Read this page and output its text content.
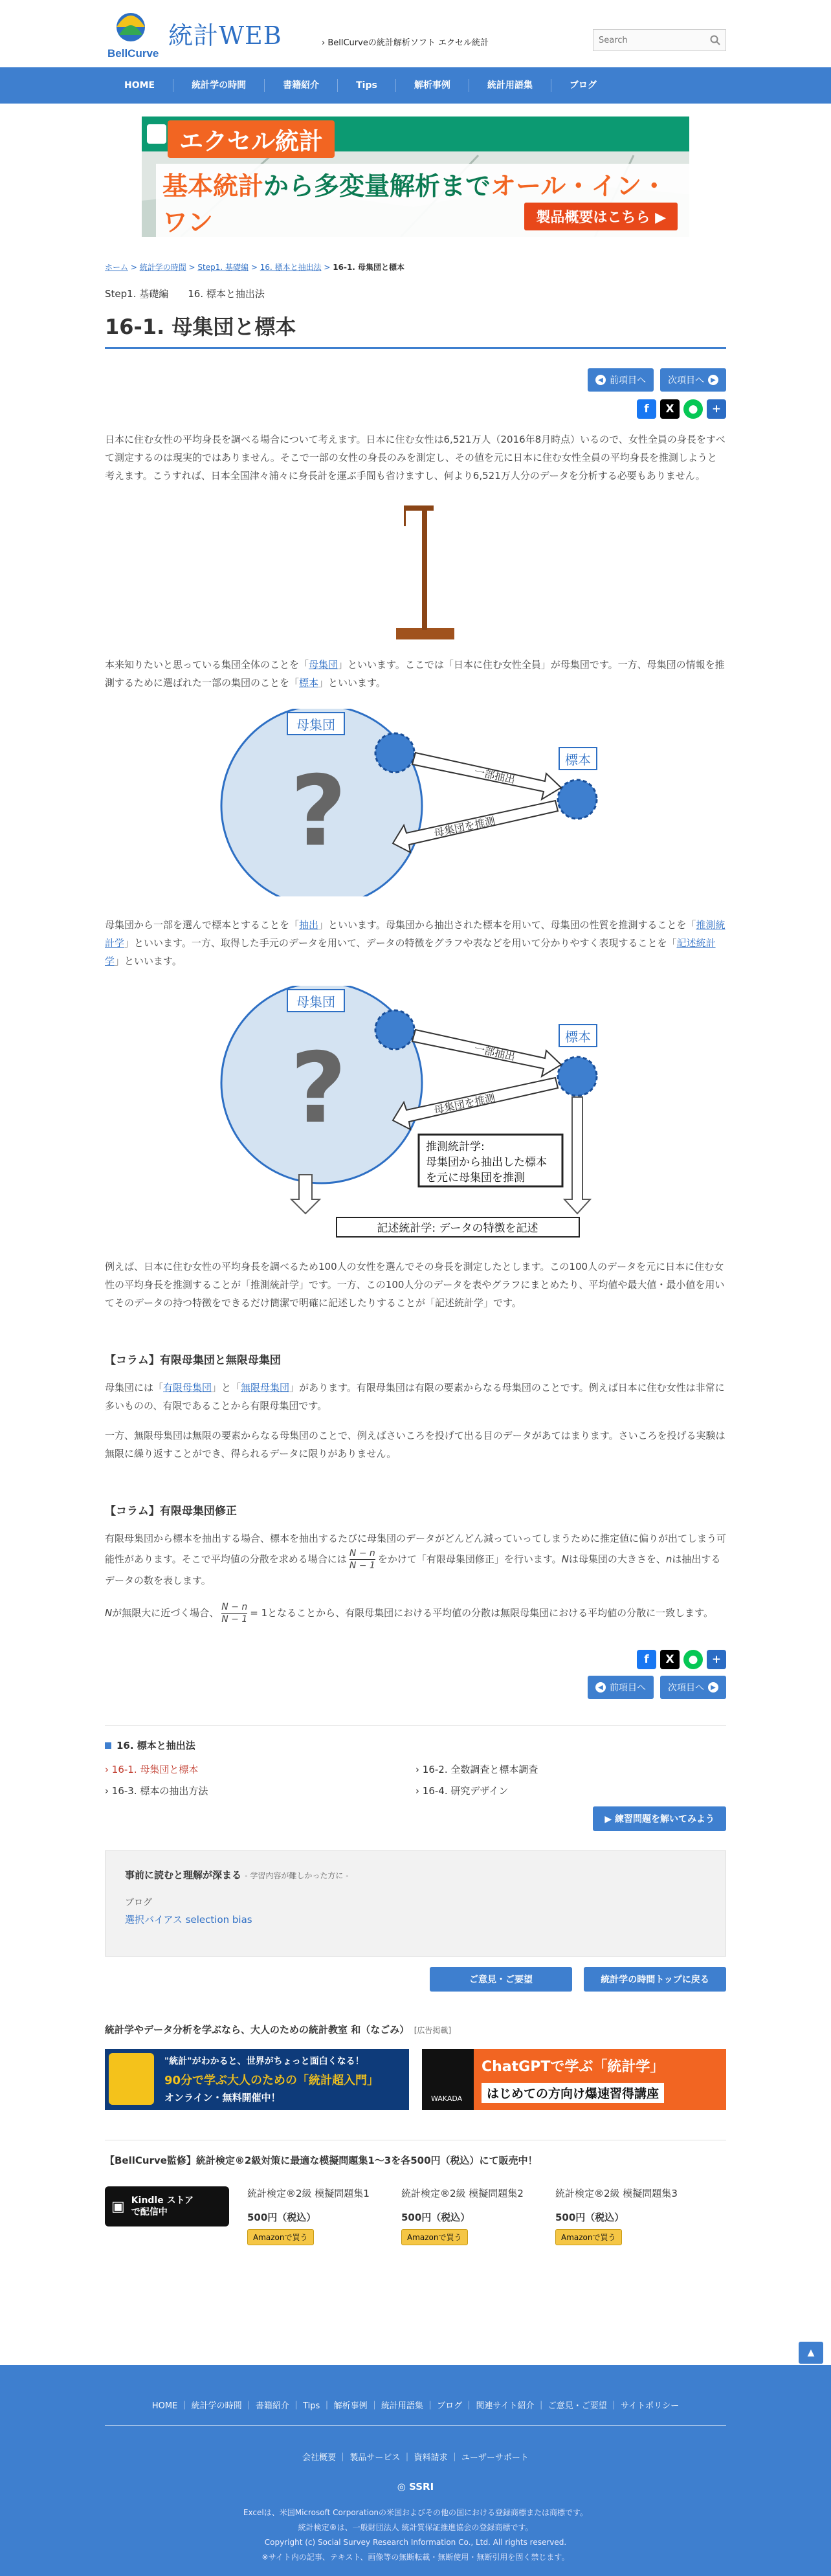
BellCurve
統計WEB	› BellCurveの統計解析ソフト エクセル統計
Search
HOME	統計学の時間	書籍紹介	Tips	解析事例	統計用語集	ブログ
エクセル統計
基本統計から多変量解析までオール・イン・ワン	製品概要はこちら ▶
ホーム > 統計学の時間 > Step1. 基礎編 > 16. 標本と抽出法 > 16-1. 母集団と標本
Step1. 基礎編　　16. 標本と抽出法
16-1. 母集団と標本
◀ 前項目へ 次項目へ	▶
f	X	●	+

日本に住む女性の平均身長を調べる場合について考えます。日本に住む女性は6,521万人（2016年8月時点）いるので、女性全員の身長をすべて測定するのは現実的ではありません。そこで一部の女性の身長のみを測定し、その値を元に日本に住む女性全員の平均身長を推測しようと考えます。こうすれば、日本全国津々浦々に身長計を運ぶ手間も省けますし、何より6,521万人分のデータを分析する必要もありません。

本来知りたいと思っている集団全体のことを「母集団」といいます。ここでは「日本に住む女性全員」が母集団です。一方、母集団の情報を推測するために選ばれた一部の集団のことを「標本」といいます。

母集団
?	標本
一部抽出
母集団を推測

母集団から一部を選んで標本とすることを「抽出」といいます。母集団から抽出された標本を用いて、母集団の性質を推測することを「推測統計学」といいます。一方、取得した手元のデータを用いて、データの特徴をグラフや表などを用いて分かりやすく表現することを「記述統計学」といいます。

母集団
?	標本
一部抽出
母集団を推測
推測統計学:
母集団から抽出した標本
を元に母集団を推測
記述統計学: データの特徴を記述

例えば、日本に住む女性の平均身長を調べるため100人の女性を選んでその身長を測定したとします。この100人のデータを元に日本に住む女性の平均身長を推測することが「推測統計学」です。一方、この100人分のデータを表やグラフにまとめたり、平均値や最大値・最小値を用いてそのデータの持つ特徴をできるだけ簡潔で明確に記述したりすることが「記述統計学」です。

【コラム】有限母集団と無限母集団

母集団には「有限母集団」と「無限母集団」があります。有限母集団は有限の要素からなる母集団のことです。例えば日本に住む女性は非常に多いものの、有限であることから有限母集団です。

一方、無限母集団は無限の要素からなる母集団のことで、例えばさいころを投げて出る目のデータがあてはまります。さいころを投げる実験は無限に繰り返すことができ、得られるデータに限りがありません。

【コラム】有限母集団修正

有限母集団から標本を抽出する場合、標本を抽出するたびに母集団のデータがどんどん減っていってしまうために推定値に偏りが出てしまう可能性があります。そこで平均値の分散を求める場合には $\frac{N - n}{N - 1}$ をかけて「有限母集団修正」を行います。Nは母集団の大きさを、nは抽出するデータの数を表します。

Nが無限大に近づく場合、 $\frac{N - n}{N - 1} = 1$となることから、有限母集団における平均値の分散は無限母集団における平均値の分散に一致します。

f	X	●	+
◀ 前項目へ 次項目へ	▶
16. 標本と抽出法
› 16-1. 母集団と標本	› 16-2. 全数調査と標本調査
› 16-3. 標本の抽出方法	› 16-4. 研究デザイン
▶ 練習問題を解いてみよう
事前に読むと理解が深まる - 学習内容が難しかった方に -
ブログ
選択バイアス selection bias
ご意見・ご要望	統計学の時間トップに戻る
統計学やデータ分析を学ぶなら、大人のための統計教室 和（なごみ）　 [広告掲載]
"統計"がわかると、世界がちょっと面白くなる！
90分で学ぶ大人のための「統計超入門」
オンライン・無料開催中！	WAKADA
ChatGPTで学ぶ「統計学」
はじめての方向け爆速習得講座
【BellCurve監修】統計検定®2級対策に最適な模擬問題集1～3を各500円（税込）にて販売中！
▣ Kindle ストア
で配信中
統計検定®2級 模擬問題集1
500円（税込）
Amazonで買う
統計検定®2級 模擬問題集2
500円（税込）
Amazonで買う
統計検定®2級 模擬問題集3
500円（税込）
Amazonで買う
▲
HOME ｜ 統計学の時間 ｜ 書籍紹介 ｜ Tips ｜ 解析事例 ｜ 統計用語集 ｜ ブログ ｜ 関連サイト紹介 ｜ ご意見・ご要望 ｜ サイトポリシー
会社概要 ｜ 製品サービス ｜ 資料請求 ｜ ユーザーサポート
◎ SSRI
Excelは、米国Microsoft Corporationの米国およびその他の国における登録商標または商標です。
統計検定®は、一般財団法人 統計質保証推進協会の登録商標です。
Copyright (c) Social Survey Research Information Co., Ltd. All rights reserved.
※サイト内の記事、テキスト、画像等の無断転載・無断使用・無断引用を固く禁じます。
